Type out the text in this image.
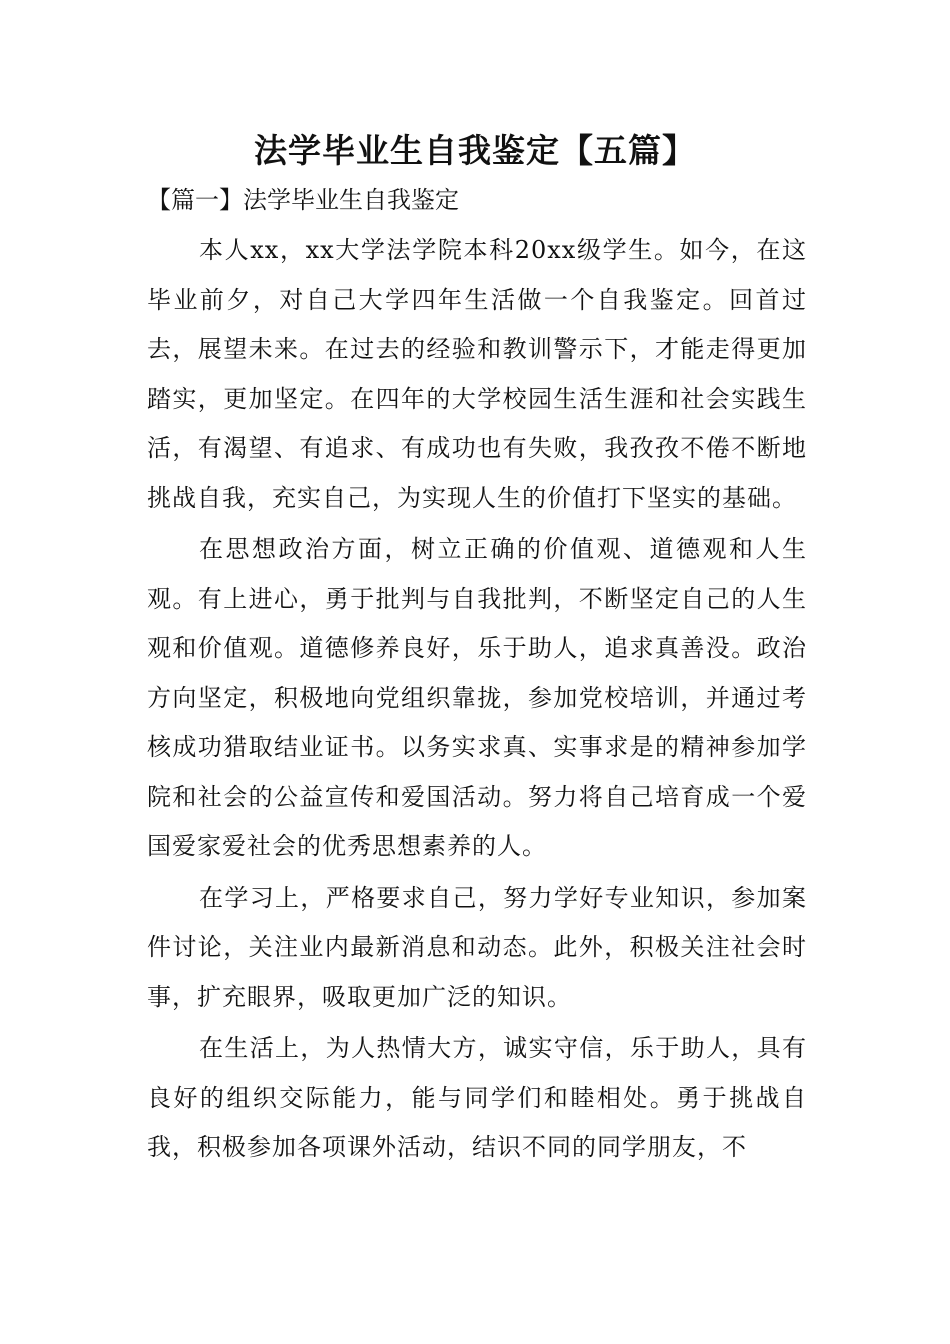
法学毕业生自我鉴定【五篇】

【篇一】法学毕业生自我鉴定

本人xx，xx大学法学院本科20xx级学生。如今，在这毕业前夕，对自己大学四年生活做一个自我鉴定。回首过去，展望未来。在过去的经验和教训警示下，才能走得更加踏实，更加坚定。在四年的大学校园生活生涯和社会实践生活，有渴望、有追求、有成功也有失败，我孜孜不倦不断地挑战自我，充实自己，为实现人生的价值打下坚实的基础。

在思想政治方面，树立正确的价值观、道德观和人生观。有上进心，勇于批判与自我批判，不断坚定自己的人生观和价值观。道德修养良好，乐于助人，追求真善没。政治方向坚定，积极地向党组织靠拢，参加党校培训，并通过考核成功猎取结业证书。以务实求真、实事求是的精神参加学院和社会的公益宣传和爱国活动。努力将自己培育成一个爱国爱家爱社会的优秀思想素养的人。

在学习上，严格要求自己，努力学好专业知识，参加案件讨论，关注业内最新消息和动态。此外，积极关注社会时事，扩充眼界，吸取更加广泛的知识。

在生活上，为人热情大方，诚实守信，乐于助人，具有良好的组织交际能力，能与同学们和睦相处。勇于挑战自我，积极参加各项课外活动，结识不同的同学朋友，不
